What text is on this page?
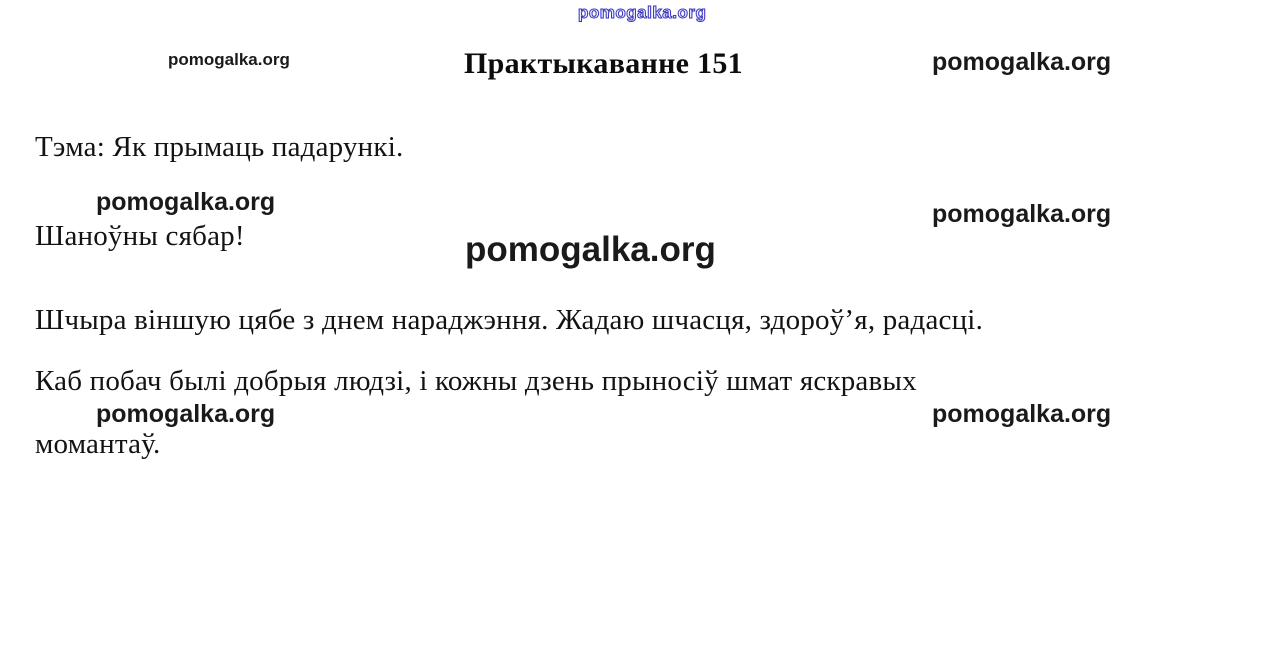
pomogalka.org
pomogalka.org	pomogalka.org
pomogalka.org	pomogalka.org
pomogalka.org
pomogalka.org	pomogalka.org
Практыкаванне 151
Тэма: Як прымаць падарункі.
Шаноўны сябар!
Шчыра віншую цябе з днем нараджэння. Жадаю шчасця, здороў’я, радасці.
Каб побач былі добрыя людзі, і кожны дзень прыносіў шмат яскравых
момантаў.
